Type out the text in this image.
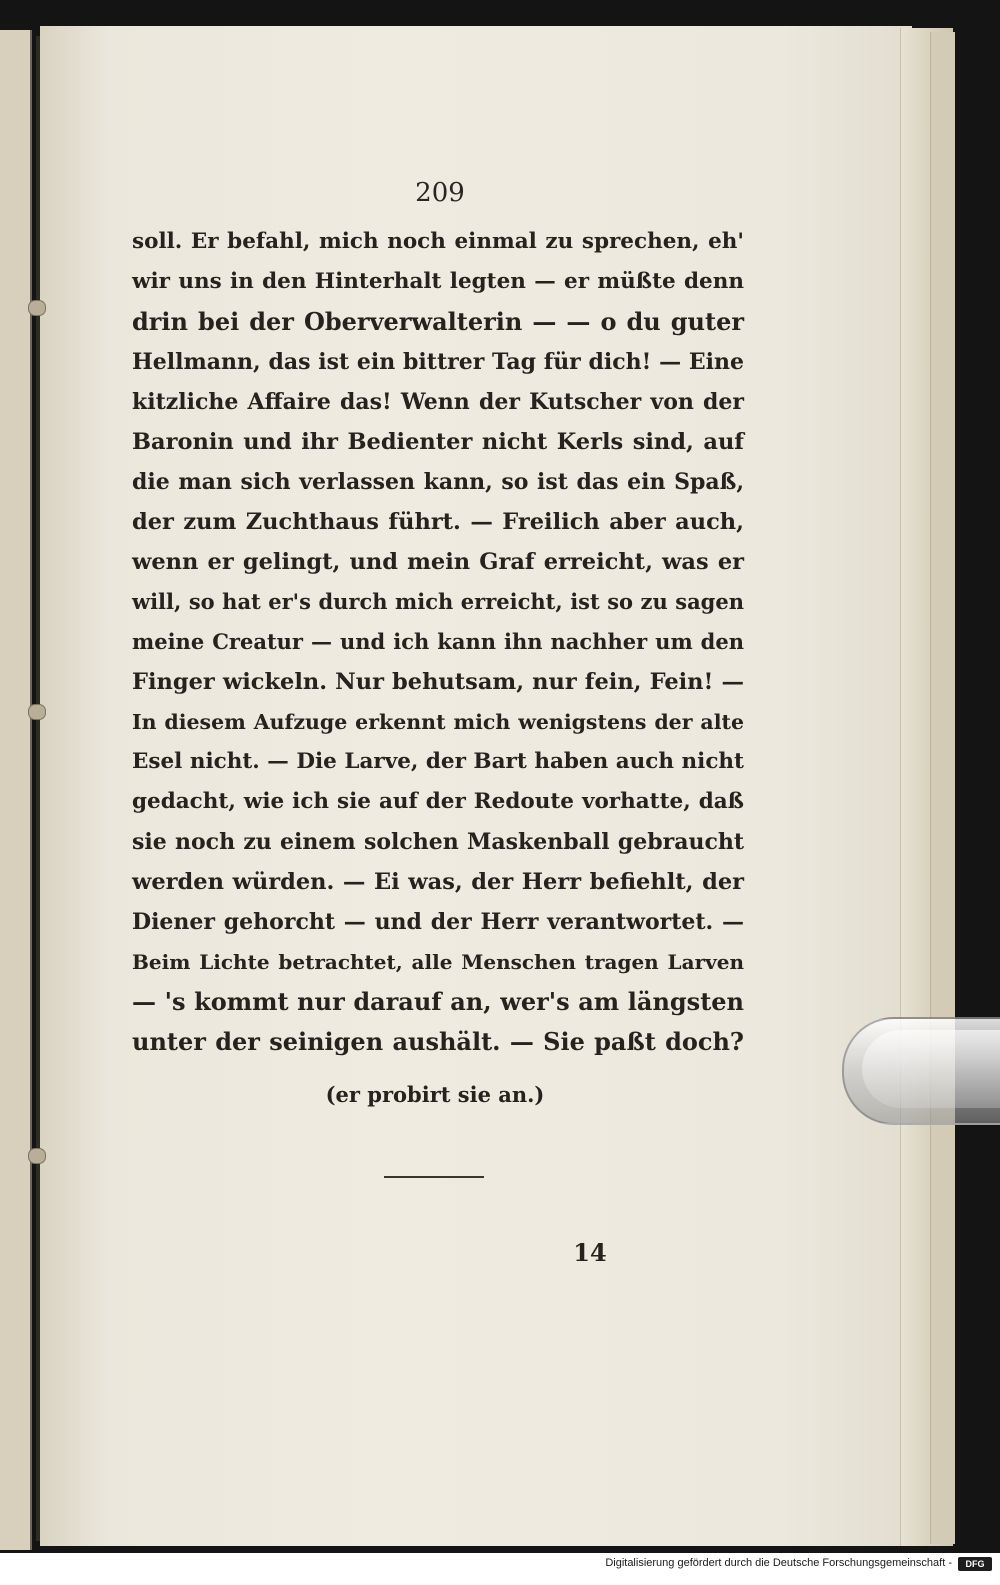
209
soll. Er befahl, mich noch einmal zu sprechen, eh'
wir uns in den Hinterhalt legten — er müßte denn
drin bei der Oberverwalterin — — o du guter
Hellmann, das ist ein bittrer Tag für dich! — Eine
kitzliche Affaire das! Wenn der Kutscher von der
Baronin und ihr Bedienter nicht Kerls sind, auf
die man sich verlassen kann, so ist das ein Spaß,
der zum Zuchthaus führt. — Freilich aber auch,
wenn er gelingt, und mein Graf erreicht, was er
will, so hat er's durch mich erreicht, ist so zu sagen
meine Creatur — und ich kann ihn nachher um den
Finger wickeln. Nur behutsam, nur fein, Fein! —
In diesem Aufzuge erkennt mich wenigstens der alte
Esel nicht. — Die Larve, der Bart haben auch nicht
gedacht, wie ich sie auf der Redoute vorhatte, daß
sie noch zu einem solchen Maskenball gebraucht
werden würden. — Ei was, der Herr befiehlt, der
Diener gehorcht — und der Herr verantwortet. —
Beim Lichte betrachtet, alle Menschen tragen Larven
— 's kommt nur darauf an, wer's am längsten
unter der seinigen aushält. — Sie paßt doch?
(er probirt sie an.)
14
Digitalisierung gefördert durch die Deutsche Forschungsgemeinschaft -	DFG
